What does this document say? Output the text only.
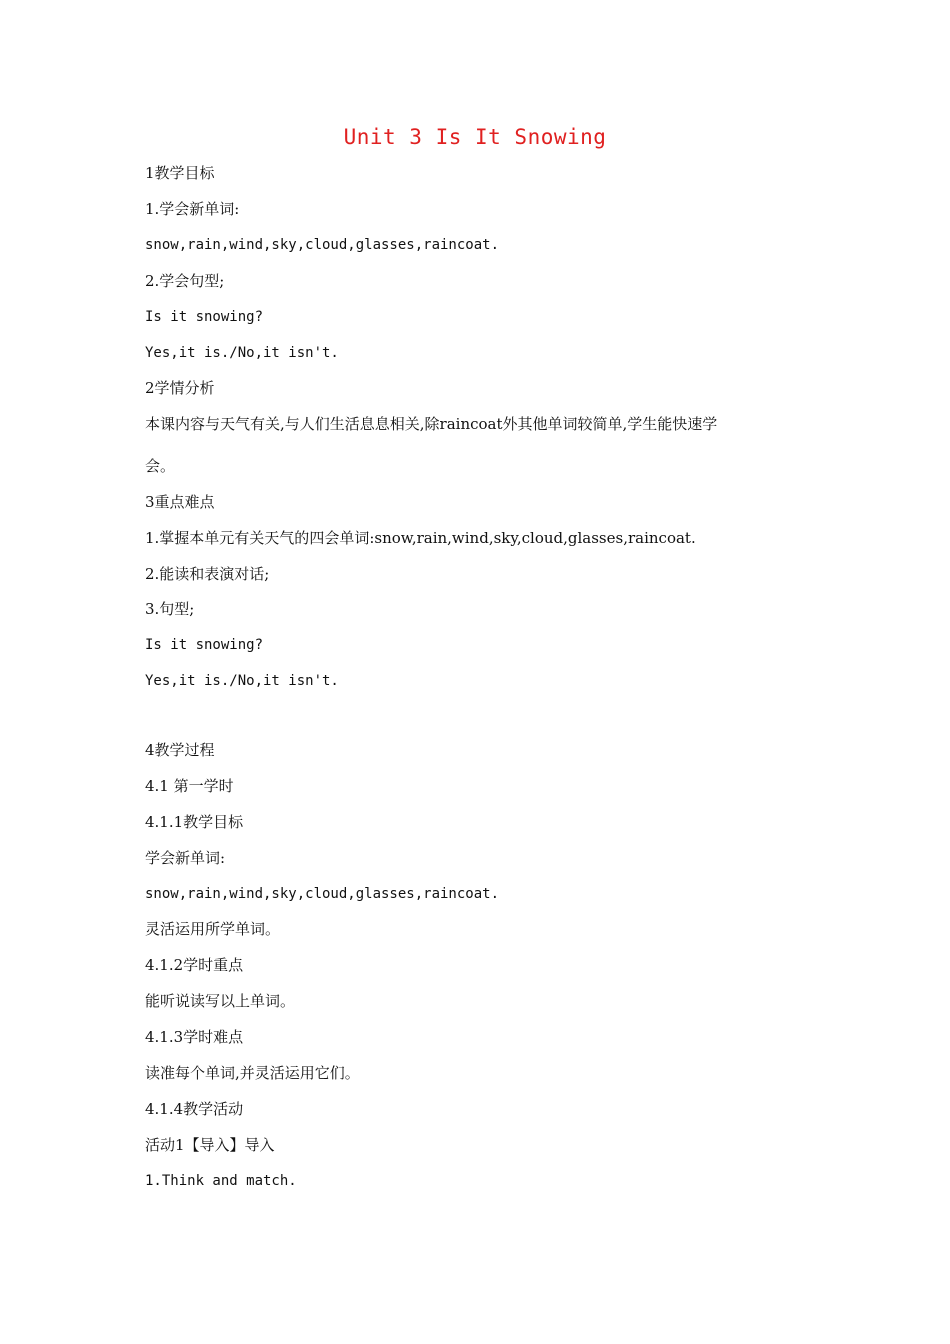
Unit 3 Is It Snowing
1教学目标
1.学会新单词:
snow,rain,wind,sky,cloud,glasses,raincoat.
2.学会句型;
Is it snowing?
Yes,it is./No,it isn't.
2学情分析
本课内容与天气有关,与人们生活息息相关,除raincoat外其他单词较简单,学生能快速学
会。
3重点难点
1.掌握本单元有关天气的四会单词:snow,rain,wind,sky,cloud,glasses,raincoat.
2.能读和表演对话;
3.句型;
Is it snowing?
Yes,it is./No,it isn't.
4教学过程
4.1 第一学时
4.1.1教学目标
学会新单词:
snow,rain,wind,sky,cloud,glasses,raincoat.
灵活运用所学单词。
4.1.2学时重点
能听说读写以上单词。
4.1.3学时难点
读准每个单词,并灵活运用它们。
4.1.4教学活动
活动1【导入】导入
1.Think and match.
